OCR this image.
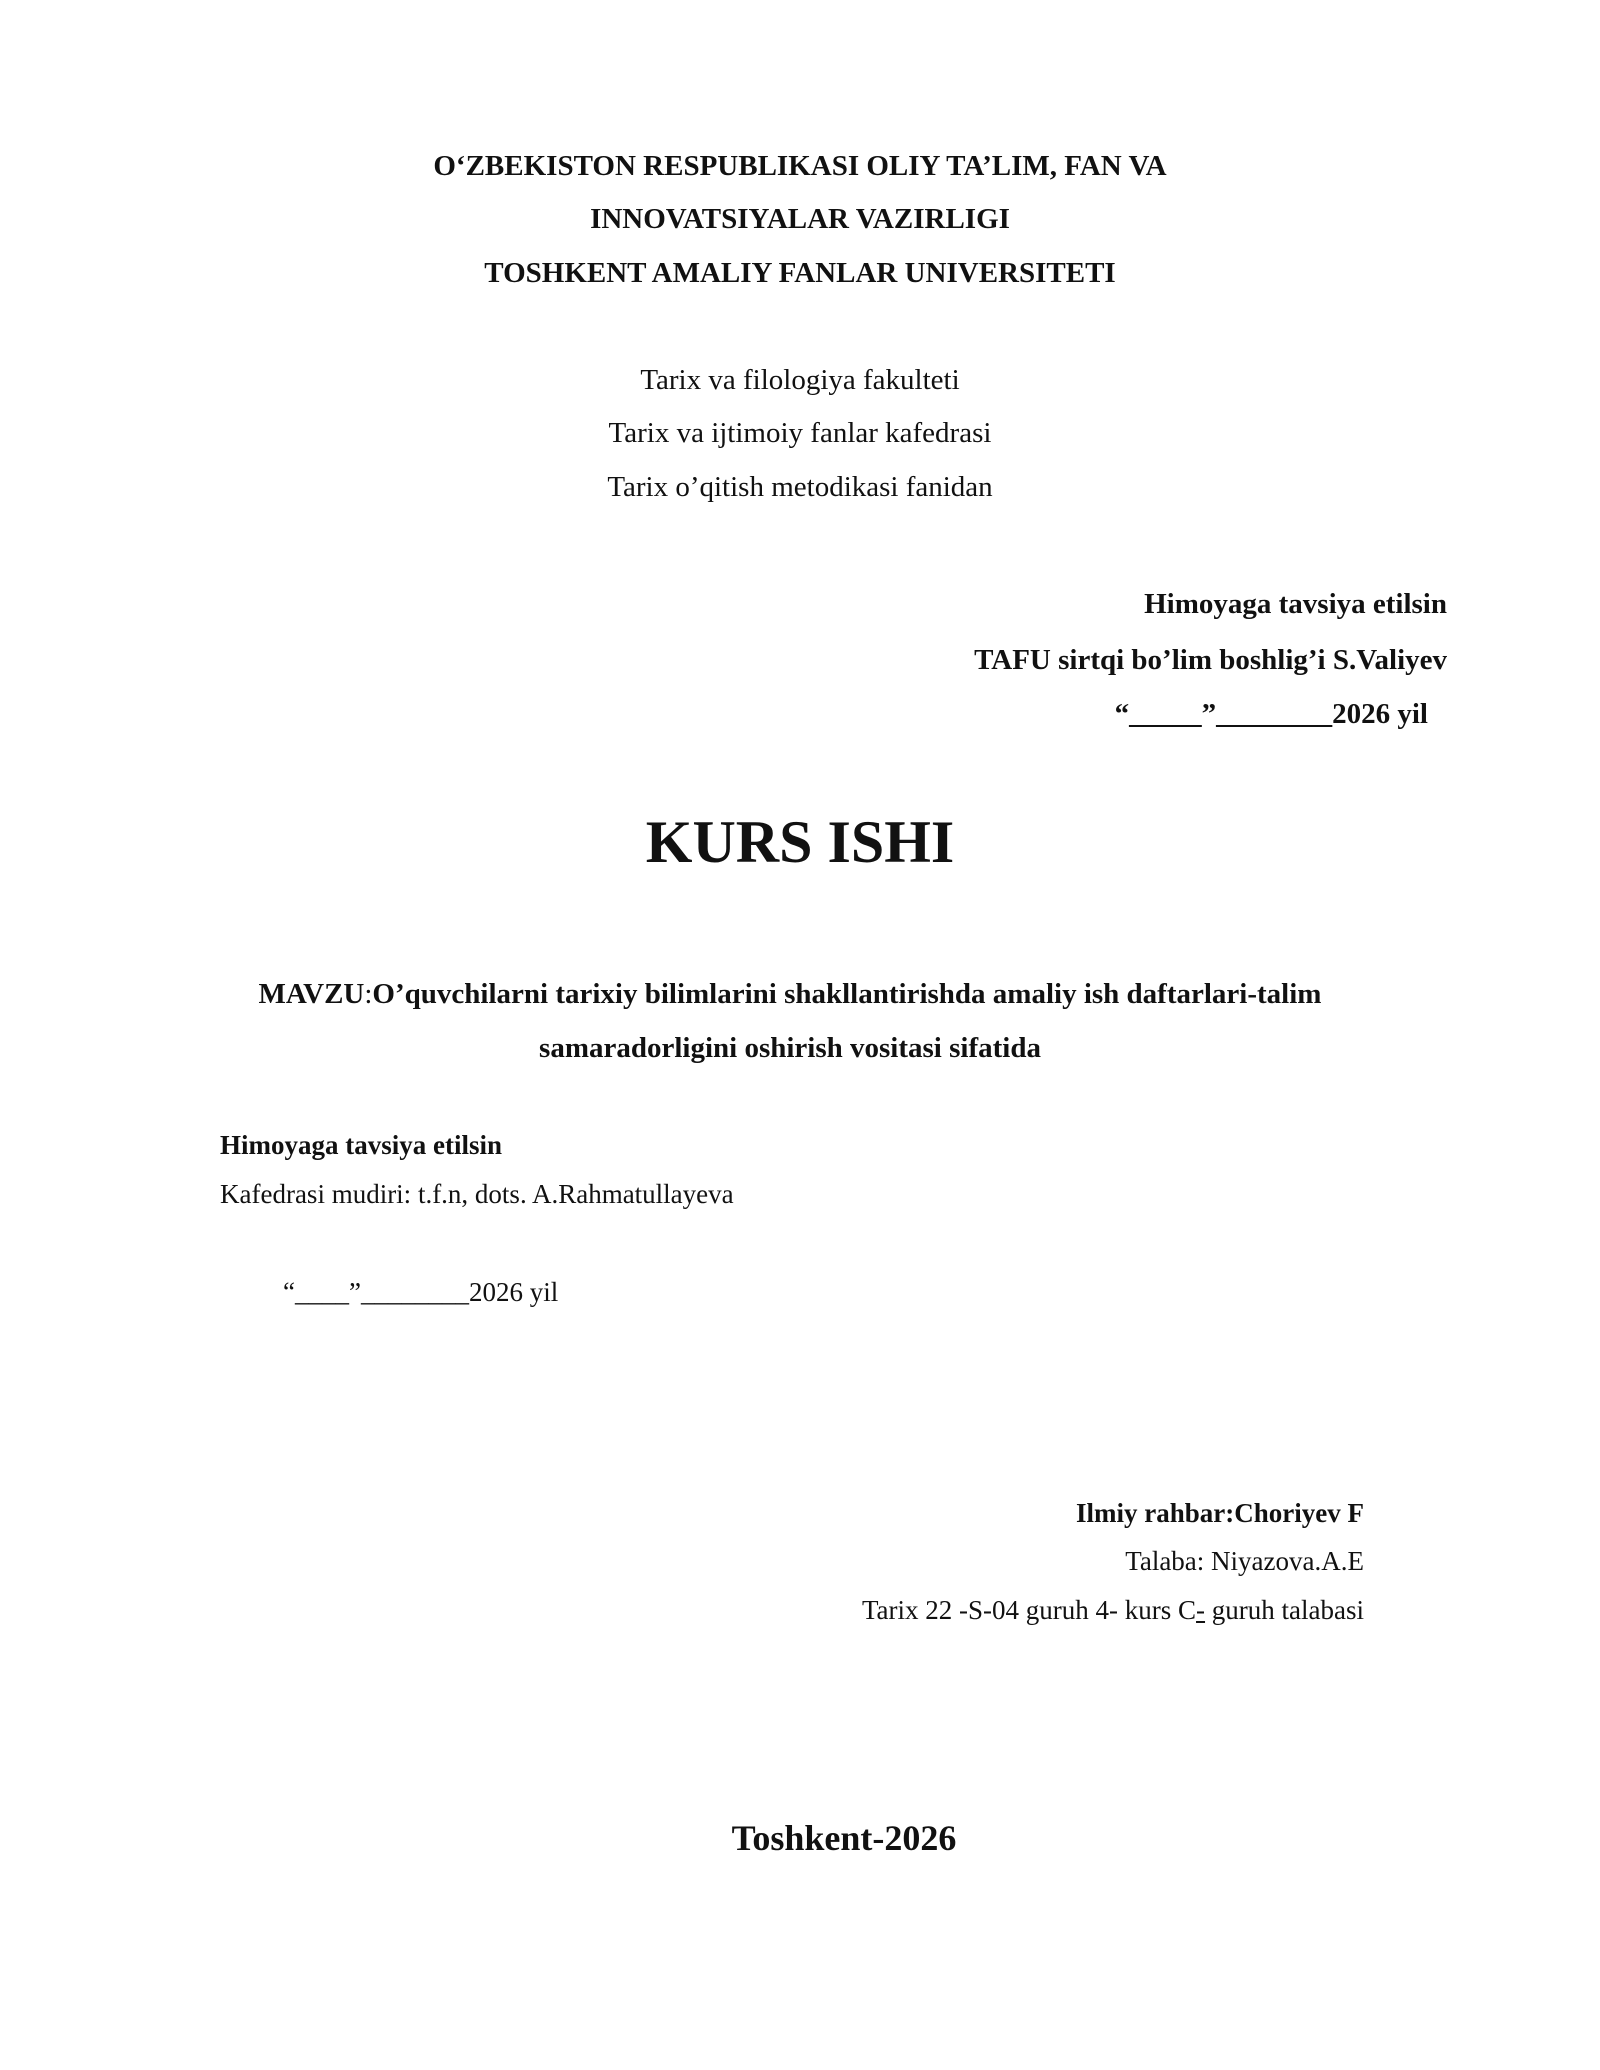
O‘ZBEKISTON RESPUBLIKASI OLIY TA’LIM, FAN VA
INNOVATSIYALAR VAZIRLIGI
TOSHKENT AMALIY FANLAR UNIVERSITETI
Tarix va filologiya fakulteti
Tarix va ijtimoiy fanlar kafedrasi
Tarix o’qitish metodikasi fanidan
Himoyaga tavsiya etilsin
TAFU sirtqi bo’lim boshlig’i S.Valiyev
“_____”________2026 yil
KURS ISHI
MAVZU:O’quvchilarni tarixiy bilimlarini shakllantirishda amaliy ish daftarlari-talim
samaradorligini oshirish vositasi sifatida
Himoyaga tavsiya etilsin
Kafedrasi mudiri: t.f.n, dots. A.Rahmatullayeva
“____”________2026 yil
Ilmiy rahbar:Choriyev F
Talaba: Niyazova.A.E
Tarix 22 -S-04 guruh 4- kurs C- guruh talabasi
Toshkent-2026
